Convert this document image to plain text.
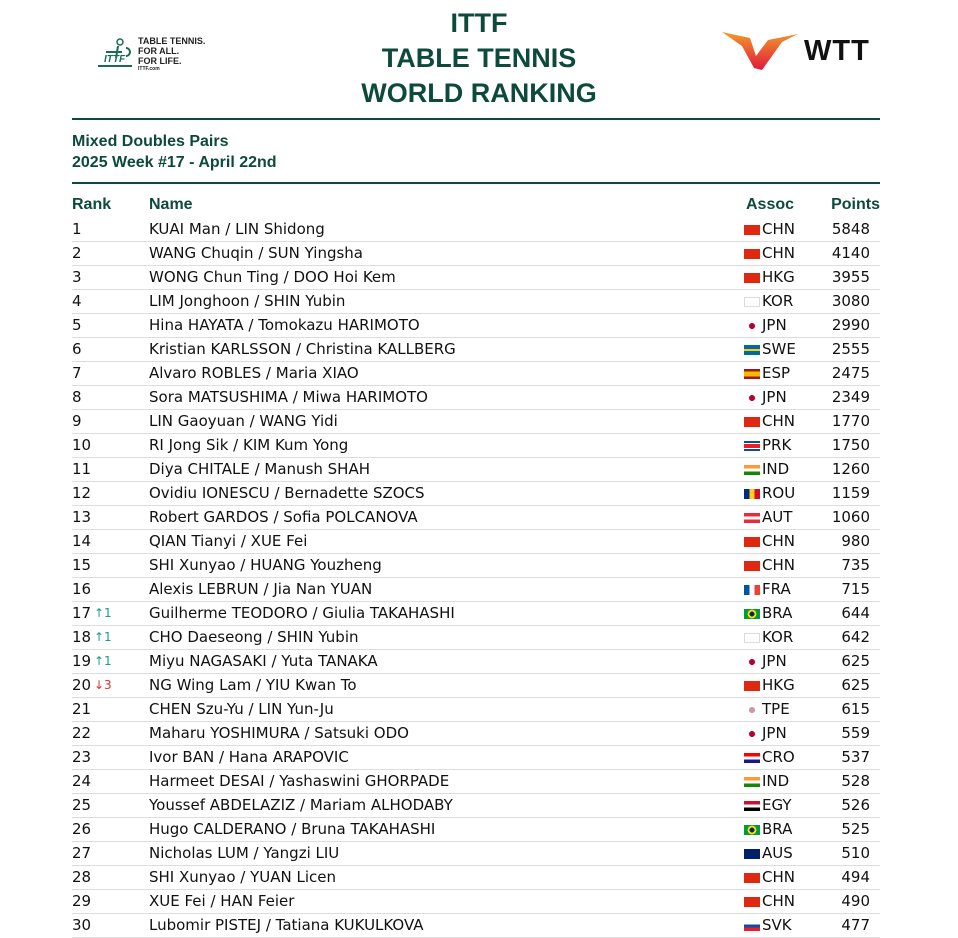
ITTF
TABLE TENNIS.
FOR ALL.
FOR LIFE.
ITTF.com
ITTF
TABLE TENNIS
WORLD RANKING
WTT
Mixed Doubles Pairs
2025 Week #17 - April 22nd
Rank Name	Assoc Points
1	KUAI Man / LIN Shidong	CHN 5848
2	WANG Chuqin / SUN Yingsha	CHN 4140
3	WONG Chun Ting / DOO Hoi Kem	HKG 3955
4	LIM Jonghoon / SHIN Yubin	KOR	3080
5	Hina HAYATA / Tomokazu HARIMOTO	JPN	2990
6	Kristian KARLSSON / Christina KALLBERG	SWE 2555
7	Alvaro ROBLES / Maria XIAO	ESP	2475
8	Sora MATSUSHIMA / Miwa HARIMOTO	JPN	2349
9	LIN Gaoyuan / WANG Yidi	CHN 1770
10	RI Jong Sik / KIM Kum Yong	PRK	1750
11	Diya CHITALE / Manush SHAH	IND	1260
12	Ovidiu IONESCU / Bernadette SZOCS	ROU 1159
13	Robert GARDOS / Sofia POLCANOVA	AUT	1060
14	QIAN Tianyi / XUE Fei	CHN	980
15	SHI Xunyao / HUANG Youzheng	CHN	735
16	Alexis LEBRUN / Jia Nan YUAN	FRA	715
17 ↑1 Guilherme TEODORO / Giulia TAKAHASHI	BRA	644
18 ↑1 CHO Daeseong / SHIN Yubin	KOR	642
19 ↑1 Miyu NAGASAKI / Yuta TANAKA	JPN	625
20 ↓3 NG Wing Lam / YIU Kwan To	HKG	625
21	CHEN Szu-Yu / LIN Yun-Ju	TPE	615
22	Maharu YOSHIMURA / Satsuki ODO	JPN	559
23	Ivor BAN / Hana ARAPOVIC	CRO	537
24	Harmeet DESAI / Yashaswini GHORPADE	IND	528
25	Youssef ABDELAZIZ / Mariam ALHODABY	EGY	526
26	Hugo CALDERANO / Bruna TAKAHASHI	BRA	525
27	Nicholas LUM / Yangzi LIU	AUS	510
28	SHI Xunyao / YUAN Licen	CHN	494
29	XUE Fei / HAN Feier	CHN	490
30	Lubomir PISTEJ / Tatiana KUKULKOVA	SVK	477
